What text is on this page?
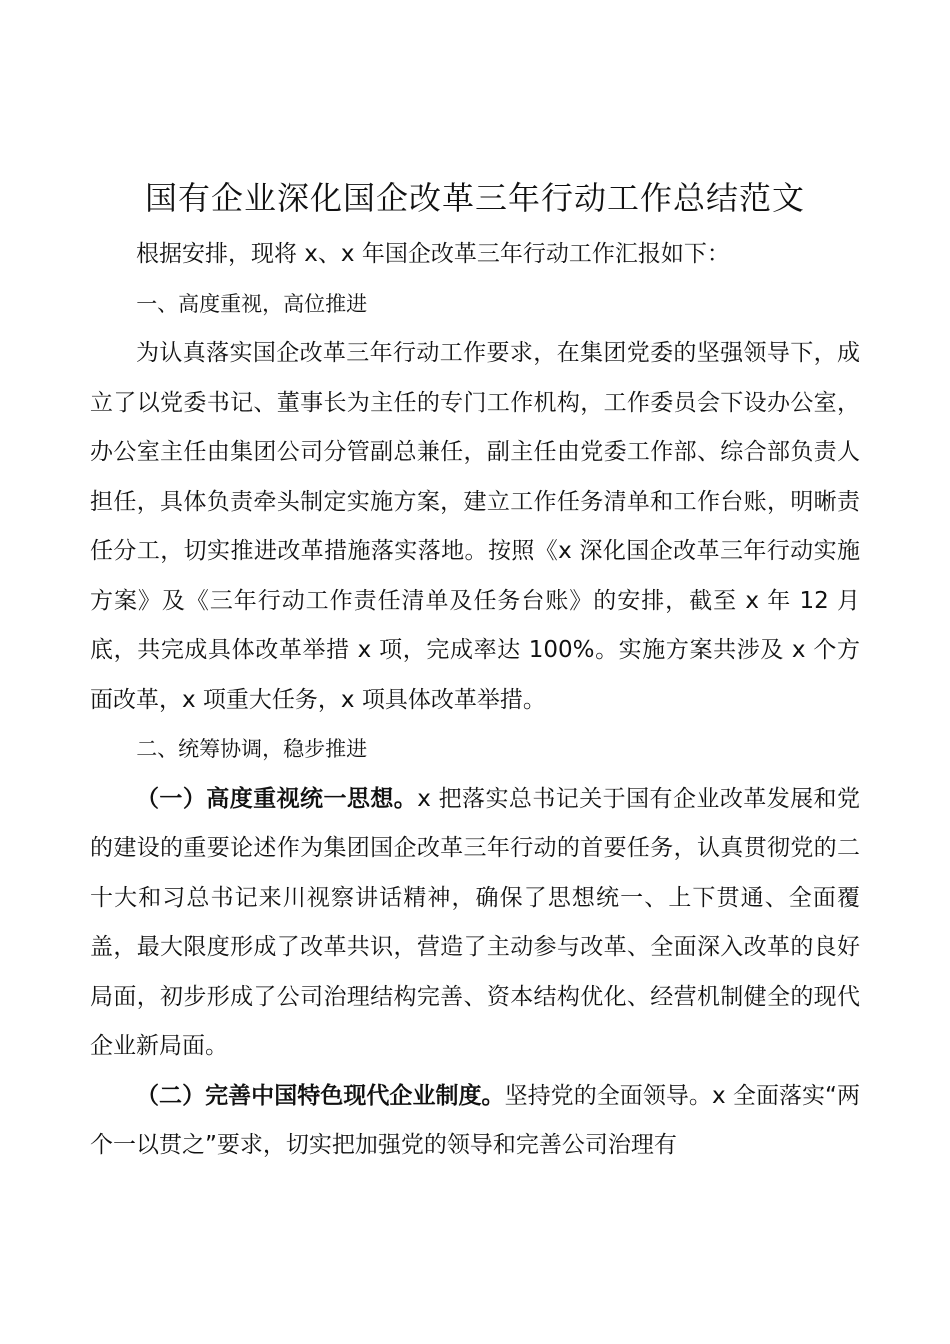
国有企业深化国企改革三年行动工作总结范文

根据安排，现将 x、x 年国企改革三年行动工作汇报如下：

一、高度重视，高位推进

为认真落实国企改革三年行动工作要求，在集团党委的坚强领导下，成立了以党委书记、董事长为主任的专门工作机构，工作委员会下设办公室，办公室主任由集团公司分管副总兼任，副主任由党委工作部、综合部负责人担任，具体负责牵头制定实施方案，建立工作任务清单和工作台账，明晰责任分工，切实推进改革措施落实落地。按照《x 深化国企改革三年行动实施方案》及《三年行动工作责任清单及任务台账》的安排，截至 x 年 12 月底，共完成具体改革举措 x 项，完成率达 100%。实施方案共涉及 x 个方面改革，x 项重大任务，x 项具体改革举措。

二、统筹协调，稳步推进

（一）高度重视统一思想。x 把落实总书记关于国有企业改革发展和党的建设的重要论述作为集团国企改革三年行动的首要任务，认真贯彻党的二十大和习总书记来川视察讲话精神，确保了思想统一、上下贯通、全面覆盖，最大限度形成了改革共识，营造了主动参与改革、全面深入改革的良好局面，初步形成了公司治理结构完善、资本结构优化、经营机制健全的现代企业新局面。

（二）完善中国特色现代企业制度。坚持党的全面领导。x 全面落实“两个一以贯之”要求，切实把加强党的领导和完善公司治理有
